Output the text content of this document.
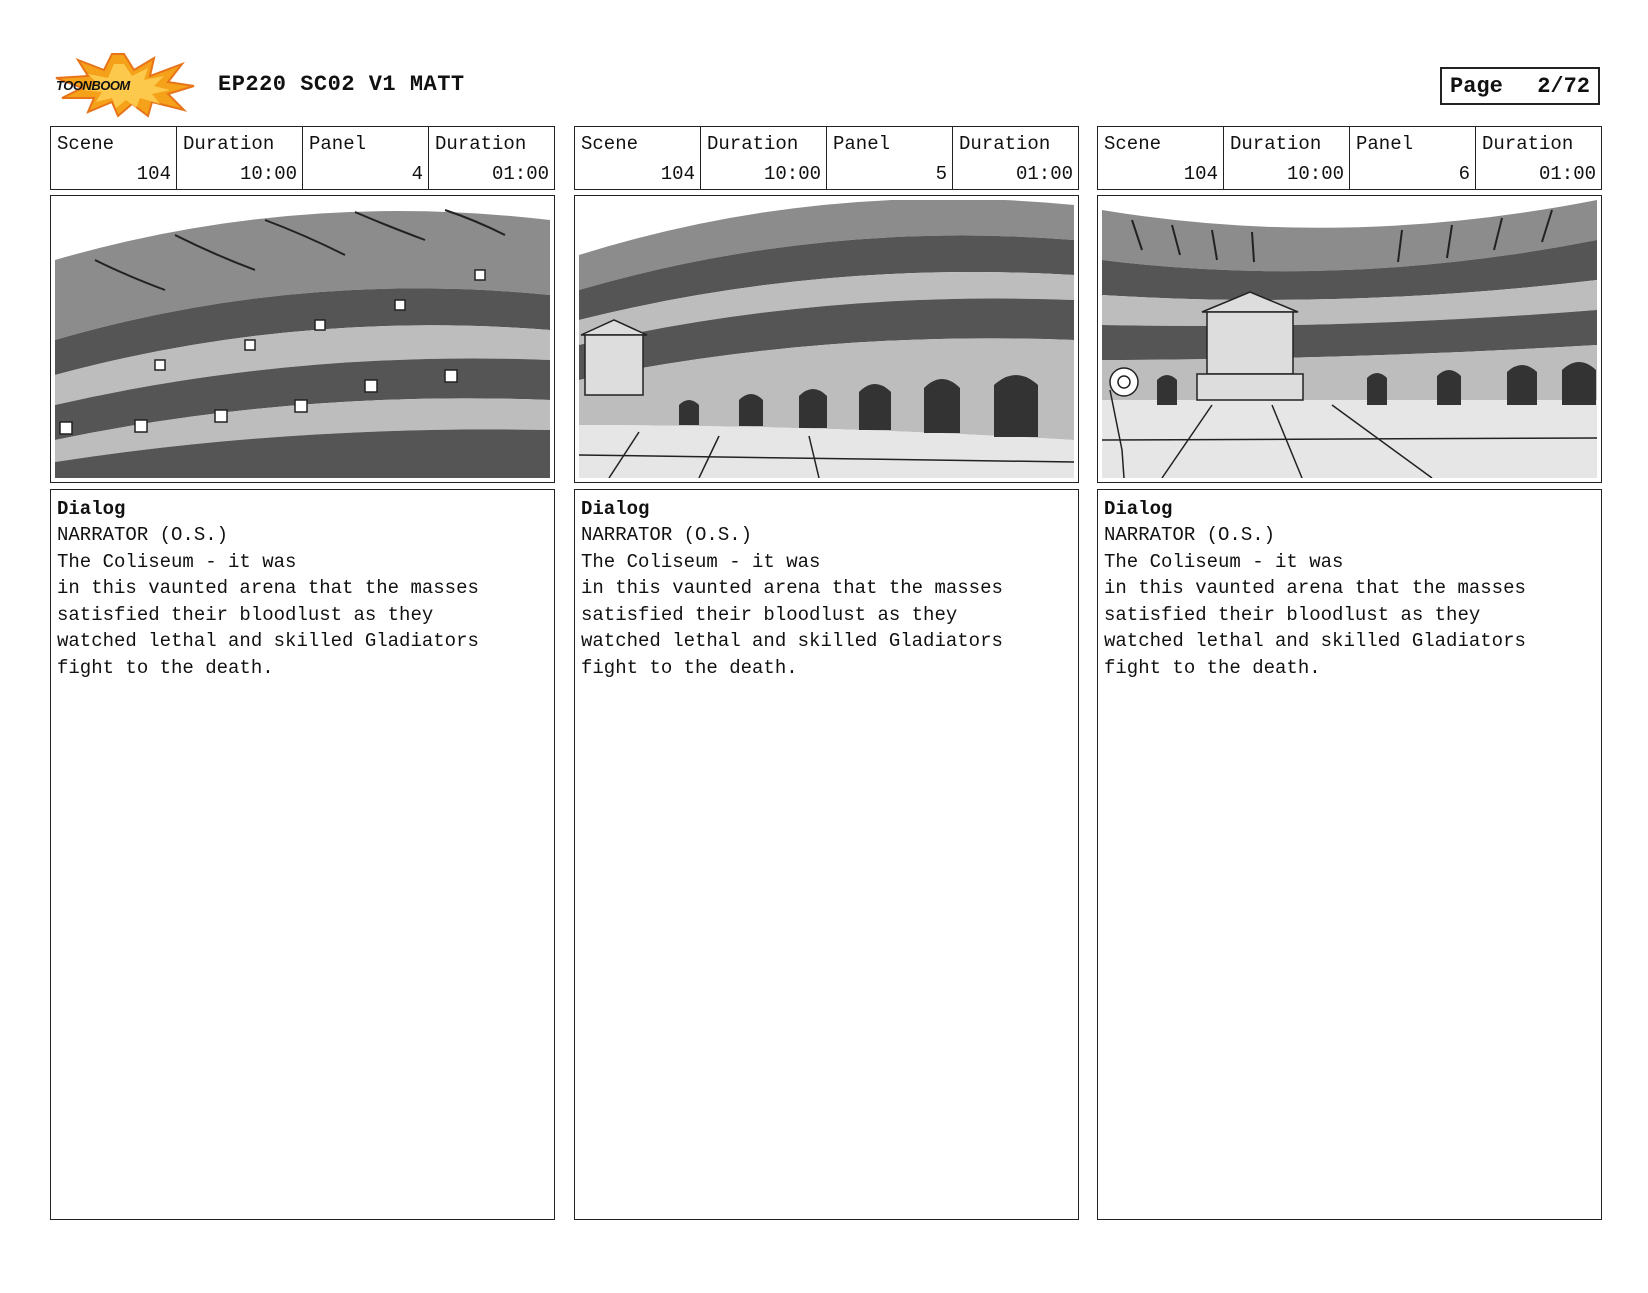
TOONBOOM	EP220 SC02 V1 MATT	Page 2/72
Scene
104
Duration
10:00
Panel
4
Duration
01:00
Dialog
NARRATOR (O.S.)
The Coliseum - it was
in this vaunted arena that the masses
satisfied their bloodlust as they
watched lethal and skilled Gladiators
fight to the death.
Scene
104
Duration
10:00
Panel
5
Duration
01:00
Dialog
NARRATOR (O.S.)
The Coliseum - it was
in this vaunted arena that the masses
satisfied their bloodlust as they
watched lethal and skilled Gladiators
fight to the death.
Scene
104
Duration
10:00
Panel
6
Duration
01:00
Dialog
NARRATOR (O.S.)
The Coliseum - it was
in this vaunted arena that the masses
satisfied their bloodlust as they
watched lethal and skilled Gladiators
fight to the death.
